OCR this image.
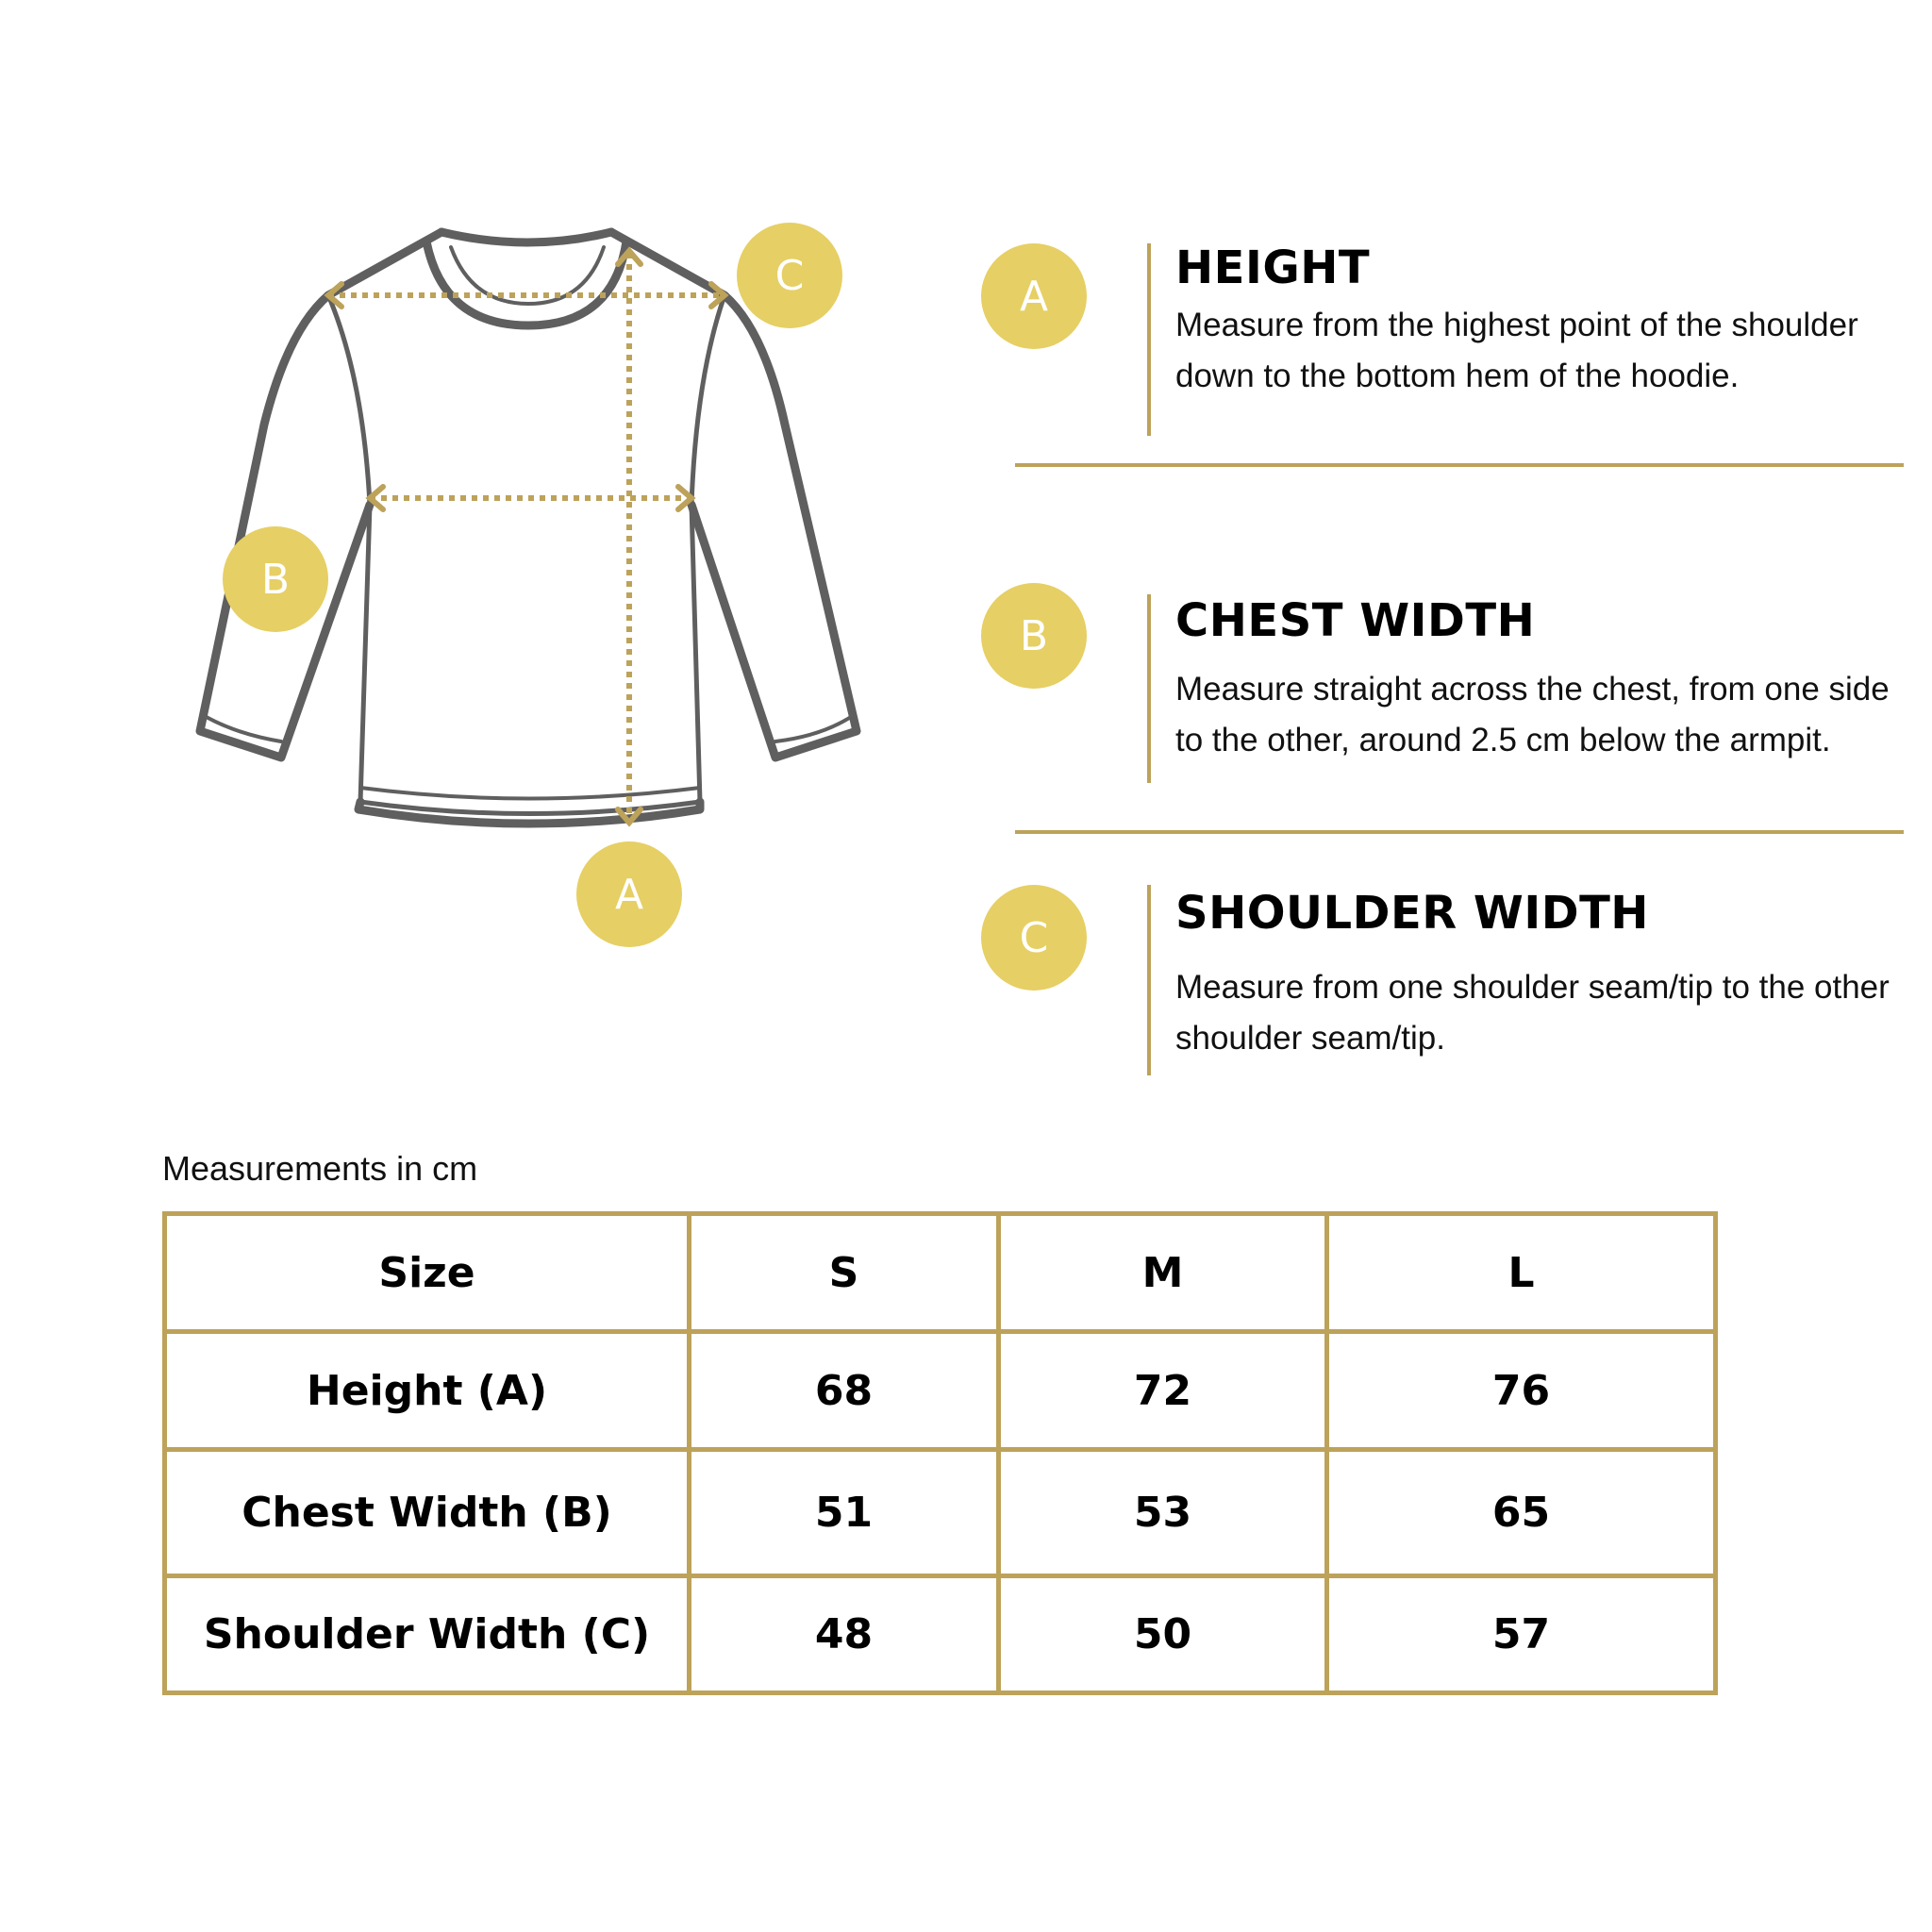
C
B
A
A
HEIGHT

Measure from the highest point of the shoulder down to the bottom hem of the hoodie.

B	CHEST WIDTH

Measure straight across the chest, from one side to the other, around 2.5 cm below the armpit.

C	SHOULDER WIDTH

Measure from one shoulder seam/tip to the other shoulder seam/tip.

Measurements in cm
Size	S	M	L
Height (A)	68	72	76
Chest Width (B)	51	53	65
Shoulder Width (C)	48	50	57
